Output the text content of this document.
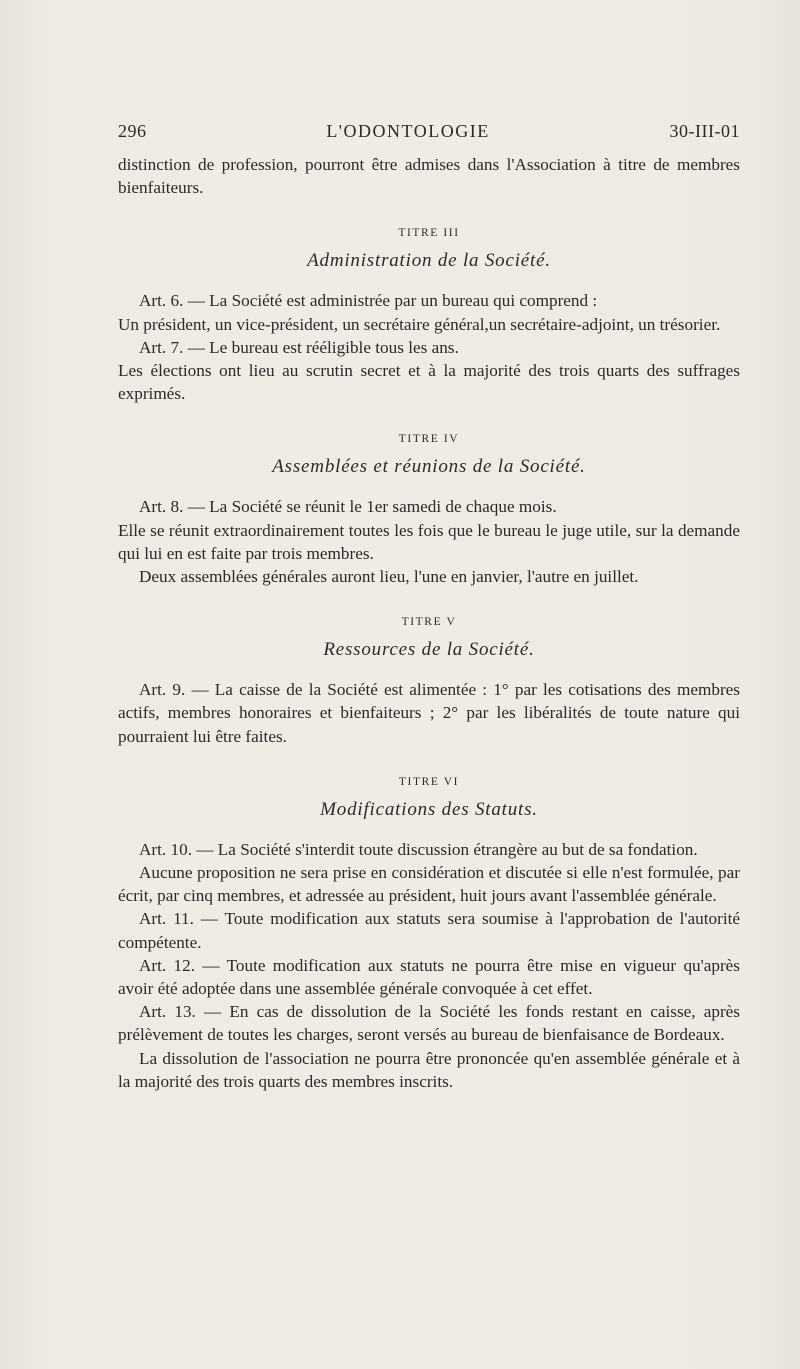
296	L'ODONTOLOGIE	30-III-01

distinction de profession, pourront être admises dans l'Association à titre de membres bienfaiteurs.

TITRE III
Administration de la Société.

Art. 6. — La Société est administrée par un bureau qui comprend :

Un président, un vice-président, un secrétaire général,un secrétaire-adjoint, un trésorier.

Art. 7. — Le bureau est rééligible tous les ans.

Les élections ont lieu au scrutin secret et à la majorité des trois quarts des suffrages exprimés.

TITRE IV
Assemblées et réunions de la Société.

Art. 8. — La Société se réunit le 1er samedi de chaque mois.

Elle se réunit extraordinairement toutes les fois que le bureau le juge utile, sur la demande qui lui en est faite par trois membres.

Deux assemblées générales auront lieu, l'une en janvier, l'autre en juillet.

TITRE V
Ressources de la Société.

Art. 9. — La caisse de la Société est alimentée : 1° par les cotisations des membres actifs, membres honoraires et bienfaiteurs ; 2° par les libéralités de toute nature qui pourraient lui être faites.

TITRE VI
Modifications des Statuts.

Art. 10. — La Société s'interdit toute discussion étrangère au but de sa fondation.

Aucune proposition ne sera prise en considération et discutée si elle n'est formulée, par écrit, par cinq membres, et adressée au président, huit jours avant l'assemblée générale.

Art. 11. — Toute modification aux statuts sera soumise à l'approbation de l'autorité compétente.

Art. 12. — Toute modification aux statuts ne pourra être mise en vigueur qu'après avoir été adoptée dans une assemblée générale convoquée à cet effet.

Art. 13. — En cas de dissolution de la Société les fonds restant en caisse, après prélèvement de toutes les charges, seront versés au bureau de bienfaisance de Bordeaux.

La dissolution de l'association ne pourra être prononcée qu'en assemblée générale et à la majorité des trois quarts des membres inscrits.
